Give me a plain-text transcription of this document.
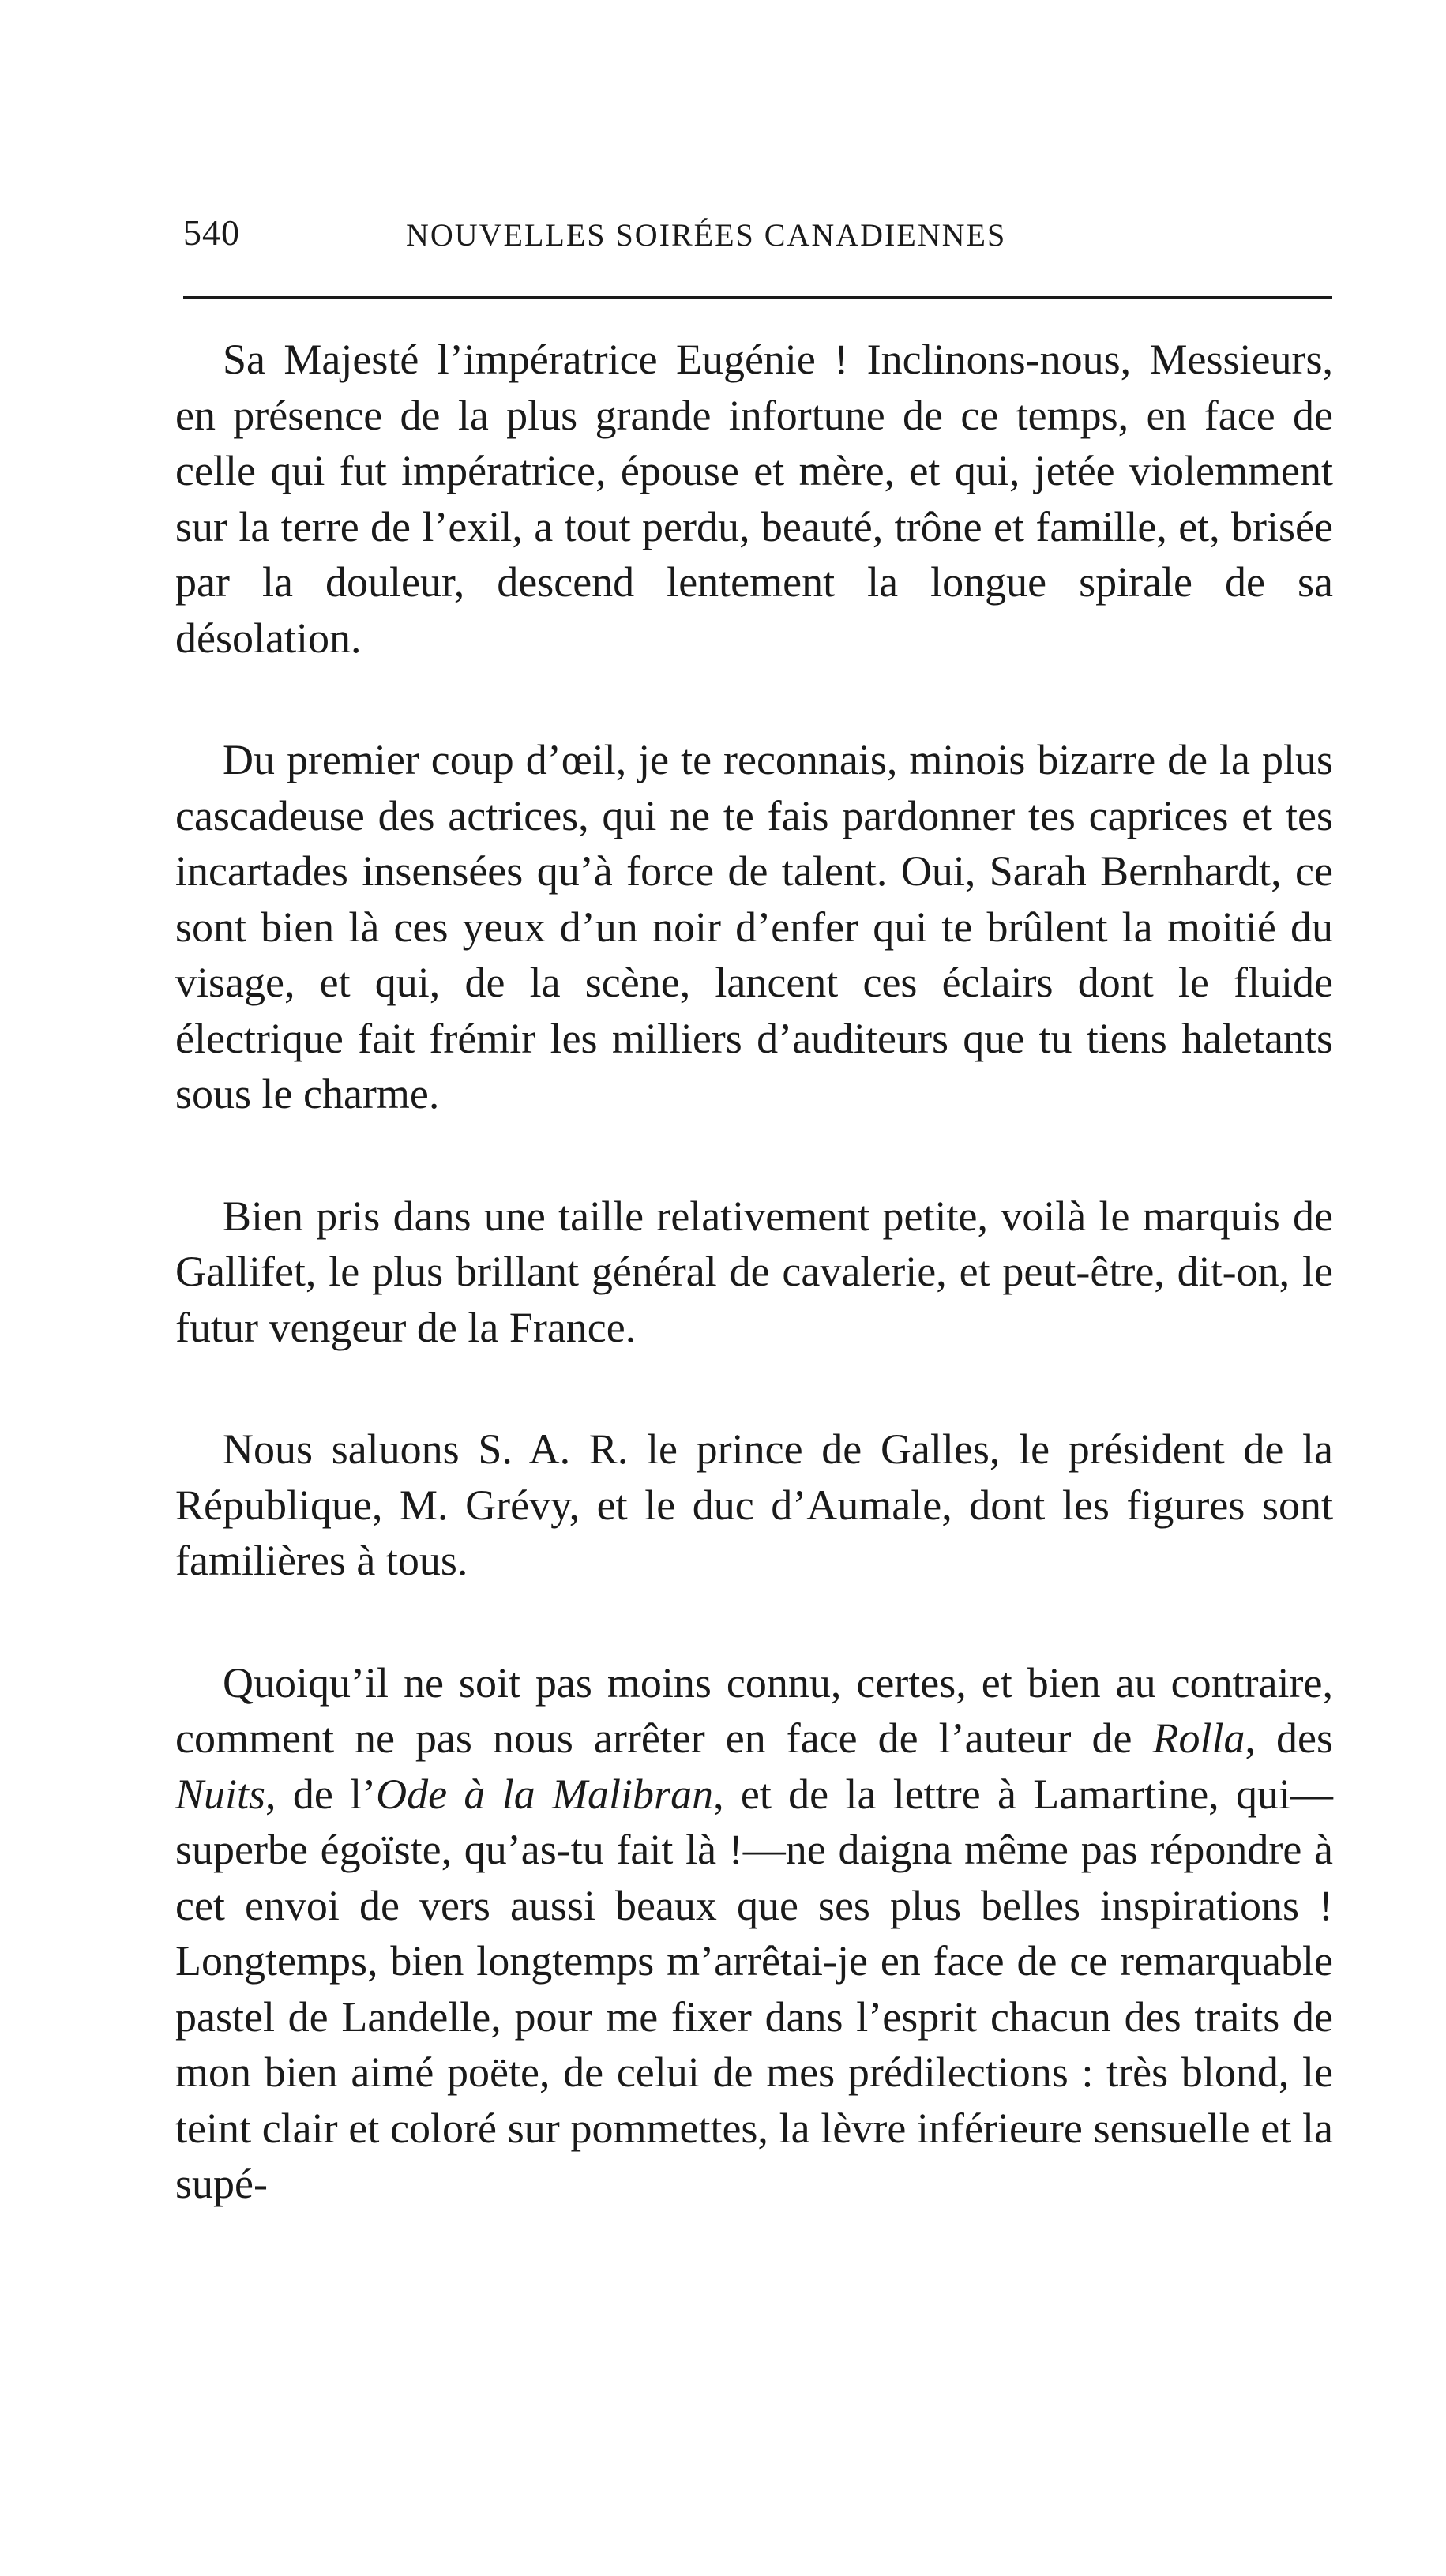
540	NOUVELLES SOIRÉES CANADIENNES

Sa Majesté l’impératrice Eugénie ! Inclinons-nous, Messieurs, en présence de la plus grande infortune de ce temps, en face de celle qui fut impératrice, épouse et mère, et qui, jetée violemment sur la terre de l’exil, a tout perdu, beauté, trône et famille, et, brisée par la douleur, descend lentement la longue spirale de sa désolation.

Du premier coup d’œil, je te reconnais, minois bizarre de la plus cascadeuse des actrices, qui ne te fais pardonner tes caprices et tes incartades insensées qu’à force de talent. Oui, Sarah Bernhardt, ce sont bien là ces yeux d’un noir d’enfer qui te brûlent la moitié du visage, et qui, de la scène, lancent ces éclairs dont le fluide électrique fait frémir les milliers d’auditeurs que tu tiens haletants sous le charme.

Bien pris dans une taille relativement petite, voilà le marquis de Gallifet, le plus brillant général de cavalerie, et peut-être, dit-on, le futur vengeur de la France.

Nous saluons S. A. R. le prince de Galles, le président de la République, M. Grévy, et le duc d’Aumale, dont les figures sont familières à tous.

Quoiqu’il ne soit pas moins connu, certes, et bien au contraire, comment ne pas nous arrêter en face de l’auteur de Rolla, des Nuits, de l’Ode à la Malibran, et de la lettre à Lamartine, qui—superbe égoïste, qu’as-tu fait là !—ne daigna même pas répondre à cet envoi de vers aussi beaux que ses plus belles inspirations ! Longtemps, bien longtemps m’arrêtai-je en face de ce remarquable pastel de Landelle, pour me fixer dans l’esprit chacun des traits de mon bien aimé poëte, de celui de mes prédilections : très blond, le teint clair et coloré sur pommettes, la lèvre inférieure sensuelle et la supé-
